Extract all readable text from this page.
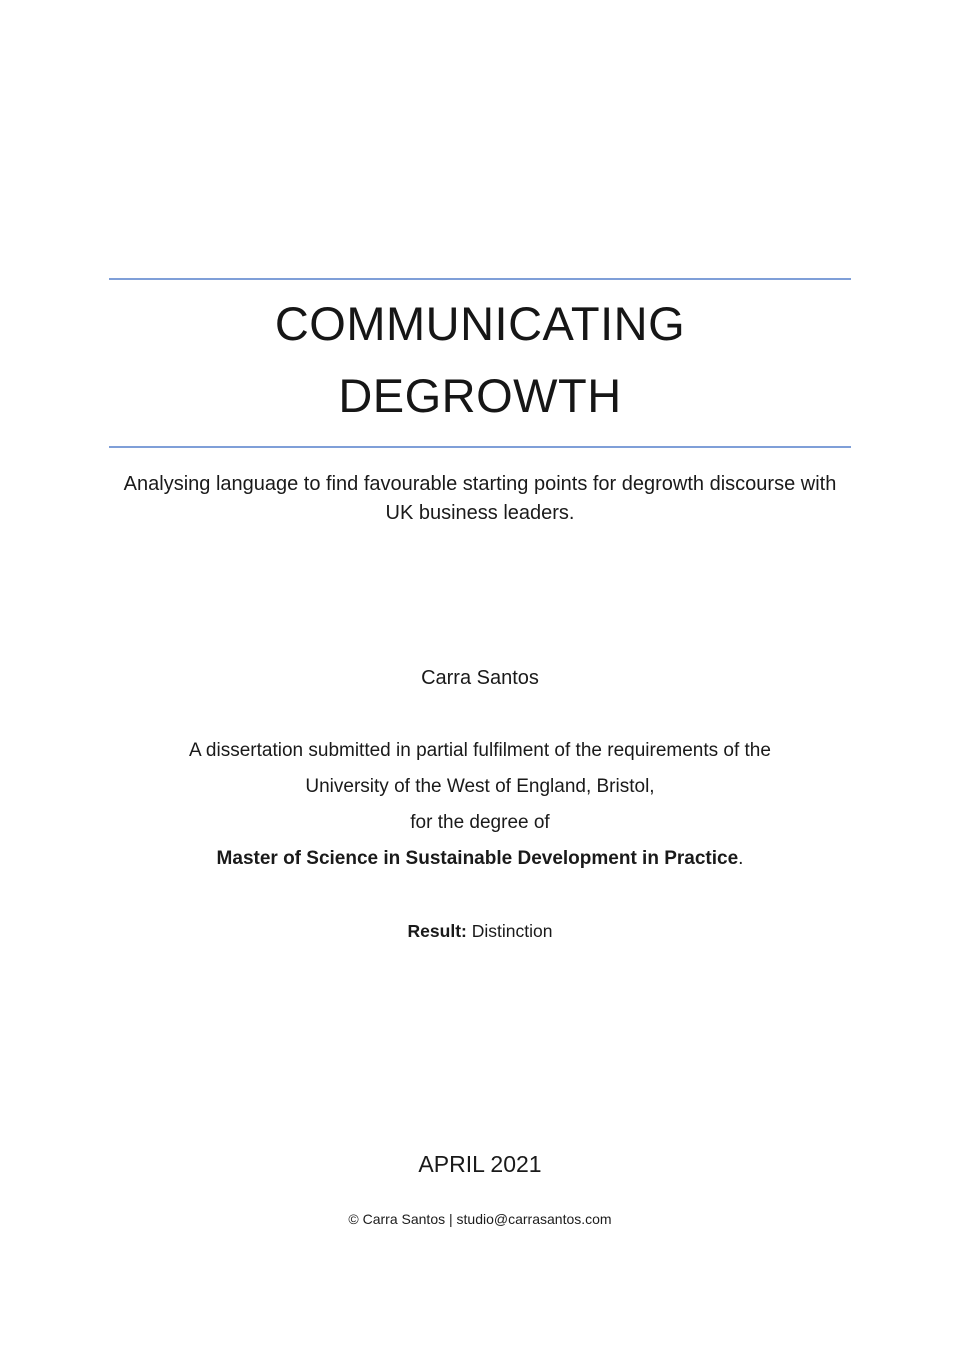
COMMUNICATING DEGROWTH

Analysing language to find favourable starting points for degrowth discourse with UK business leaders.

Carra Santos

A dissertation submitted in partial fulfilment of the requirements of the

University of the West of England, Bristol,

for the degree of

Master of Science in Sustainable Development in Practice.

Result: Distinction

APRIL 2021

© Carra Santos | studio@carrasantos.com
